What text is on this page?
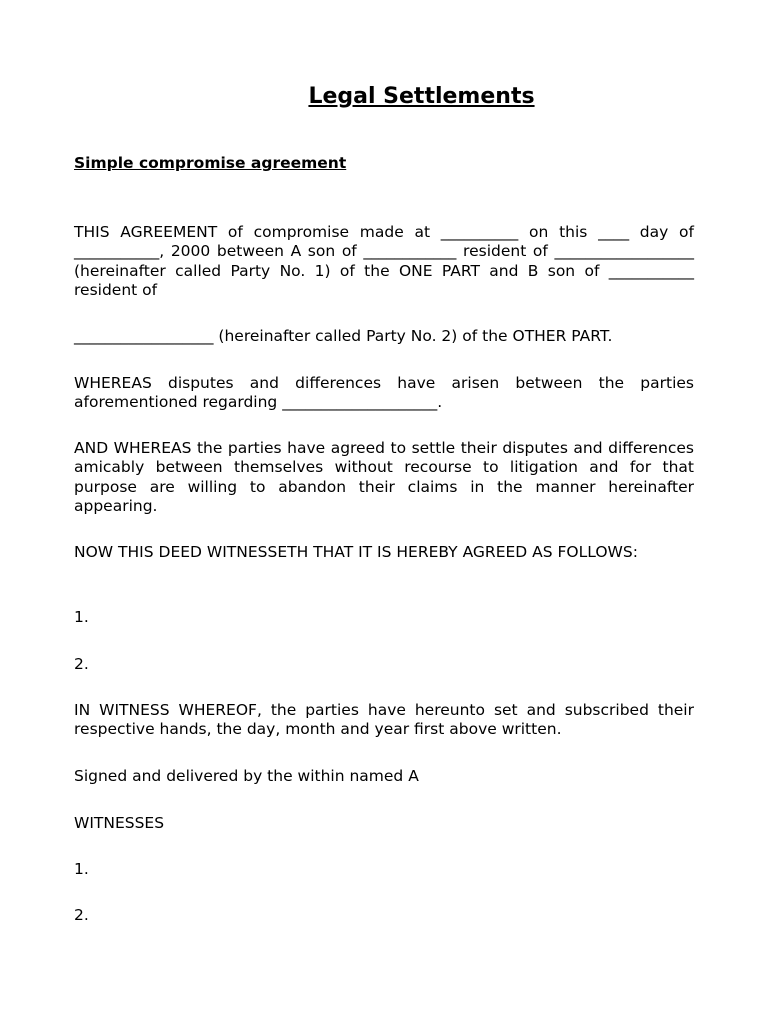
Legal Settlements
Simple compromise agreement

THIS AGREEMENT of compromise made at __________ on this ____ day of ___________, 2000 between A son of ____________ resident of __________________ (hereinafter called Party No. 1) of the ONE PART and B son of ___________ resident of

__________________ (hereinafter called Party No. 2) of the OTHER PART.

WHEREAS disputes and differences have arisen between the parties aforementioned regarding ____________________.

AND WHEREAS the parties have agreed to settle their disputes and differences amicably between themselves without recourse to litigation and for that purpose are willing to abandon their claims in the manner hereinafter appearing.

NOW THIS DEED WITNESSETH THAT IT IS HEREBY AGREED AS FOLLOWS:

1.

2.

IN WITNESS WHEREOF, the parties have hereunto set and subscribed their respective hands, the day, month and year first above written.

Signed and delivered by the within named A

WITNESSES

1.

2.
